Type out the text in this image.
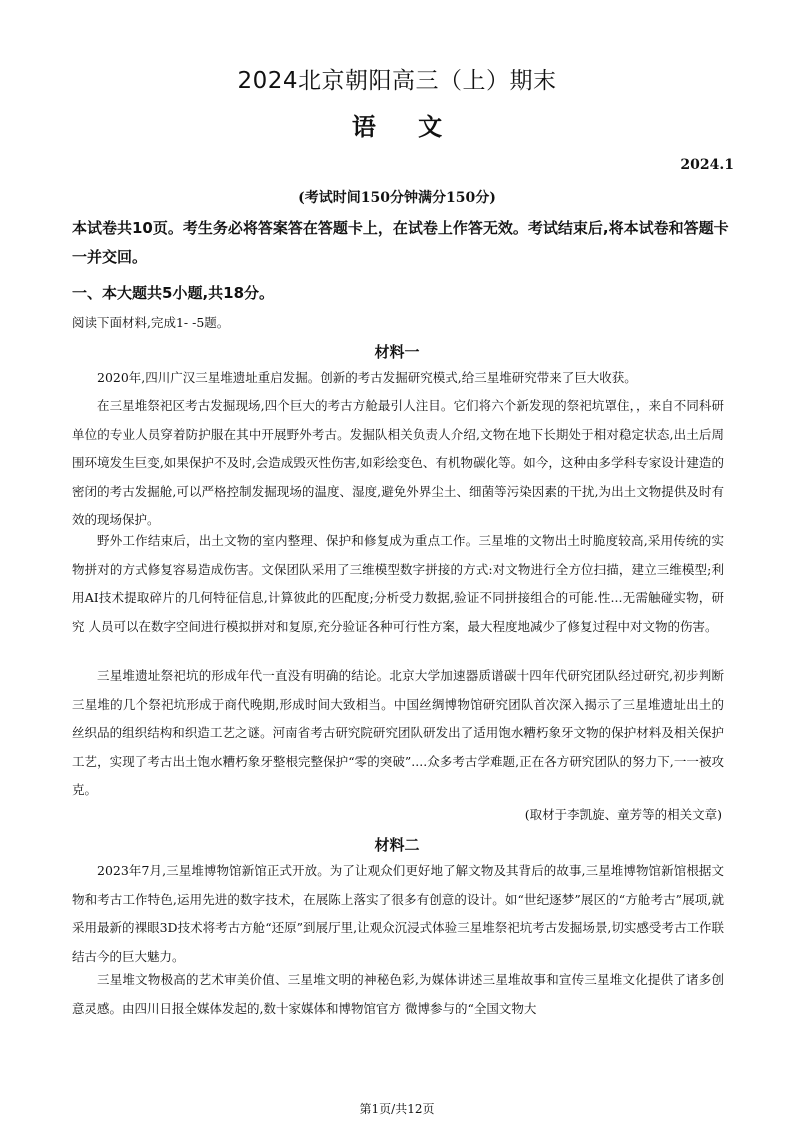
2024北京朝阳高三（上）期末
语 文
2024.1
(考试时间150分钟满分150分)
本试卷共10页。考生务必将答案答在答题卡上，在试卷上作答无效。考试结束后,将本试卷和答题卡一并交回。
一、本大题共5小题,共18分。
阅读下面材料,完成1- -5题。
材料一

2020年,四川广汉三星堆遗址重启发掘。创新的考古发掘研究模式,给三星堆研究带来了巨大收获。

在三星堆祭祀区考古发掘现场,四个巨大的考古方舱最引人注目。它们将六个新发现的祭祀坑罩住，，来自不同科研单位的专业人员穿着防护服在其中开展野外考古。发掘队相关负责人介绍,文物在地下长期处于相对稳定状态,出土后周围环境发生巨变,如果保护不及时,会造成毁灭性伤害,如彩绘变色、有机物碳化等。如今，这种由多学科专家设计建造的密闭的考古发掘舱,可以严格控制发掘现场的温度、湿度,避免外界尘土、细菌等污染因素的干扰,为出土文物提供及时有效的现场保护。

野外工作结束后，出土文物的室内整理、保护和修复成为重点工作。三星堆的文物出土时脆度较高,采用传统的实物拼对的方式修复容易造成伤害。文保团队采用了三维模型数字拼接的方式:对文物进行全方位扫描，建立三维模型;利用AI技术提取碎片的几何特征信息,计算彼此的匹配度;分析受力数据,验证不同拼接组合的可能.性...无需触碰实物，研究 人员可以在数字空间进行模拟拼对和复原,充分验证各种可行性方案，最大程度地减少了修复过程中对文物的伤害。

三星堆遗址祭祀坑的形成年代一直没有明确的结论。北京大学加速器质谱碳十四年代研究团队经过研究,初步判断三星堆的几个祭祀坑形成于商代晚期,形成时间大致相当。中国丝绸博物馆研究团队首次深入揭示了三星堆遗址出土的丝织品的组织结构和织造工艺之谜。河南省考古研究院研究团队研发出了适用饱水糟朽象牙文物的保护材料及相关保护工艺，实现了考古出土饱水糟朽象牙整根完整保护“零的突破”....众多考古学难题,正在各方研究团队的努力下,一一被攻克。

(取材于李凯旋、童芳等的相关文章)
材料二

2023年7月,三星堆博物馆新馆正式开放。为了让观众们更好地了解文物及其背后的故事,三星堆博物馆新馆根据文物和考古工作特色,运用先进的数字技术，在展陈上落实了很多有创意的设计。如“世纪逐梦”展区的“方舱考古”展项,就采用最新的裸眼3D技术将考古方舱“还原”到展厅里,让观众沉浸式体验三星堆祭祀坑考古发掘场景,切实感受考古工作联结古今的巨大魅力。

三星堆文物极高的艺术审美价值、三星堆文明的神秘色彩,为媒体讲述三星堆故事和宣传三星堆文化提供了诸多创意灵感。由四川日报全媒体发起的,数十家媒体和博物馆官方 微博参与的“全国文物大

第1页/共12页
